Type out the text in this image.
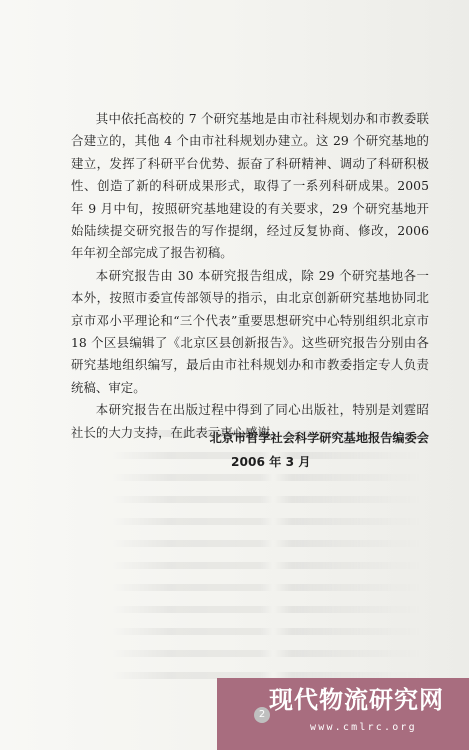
其中依托高校的 7 个研究基地是由市社科规划办和市教委联合建立的，其他 4 个由市社科规划办建立。这 29 个研究基地的建立，发挥了科研平台优势、振奋了科研精神、调动了科研积极性、创造了新的科研成果形式，取得了一系列科研成果。2005 年 9 月中旬，按照研究基地建设的有关要求，29 个研究基地开始陆续提交研究报告的写作提纲，经过反复协商、修改，2006 年年初全部完成了报告初稿。

本研究报告由 30 本研究报告组成，除 29 个研究基地各一本外，按照市委宣传部领导的指示，由北京创新研究基地协同北京市邓小平理论和“三个代表”重要思想研究中心特别组织北京市 18 个区县编辑了《北京区县创新报告》。这些研究报告分别由各研究基地组织编写，最后由市社科规划办和市教委指定专人负责统稿、审定。

本研究报告在出版过程中得到了同心出版社，特别是刘霆昭社长的大力支持，在此表示衷心感谢。

北京市哲学社会科学研究基地报告编委会
2006 年 3 月
现代物流研究网
www.cmlrc.org
2
